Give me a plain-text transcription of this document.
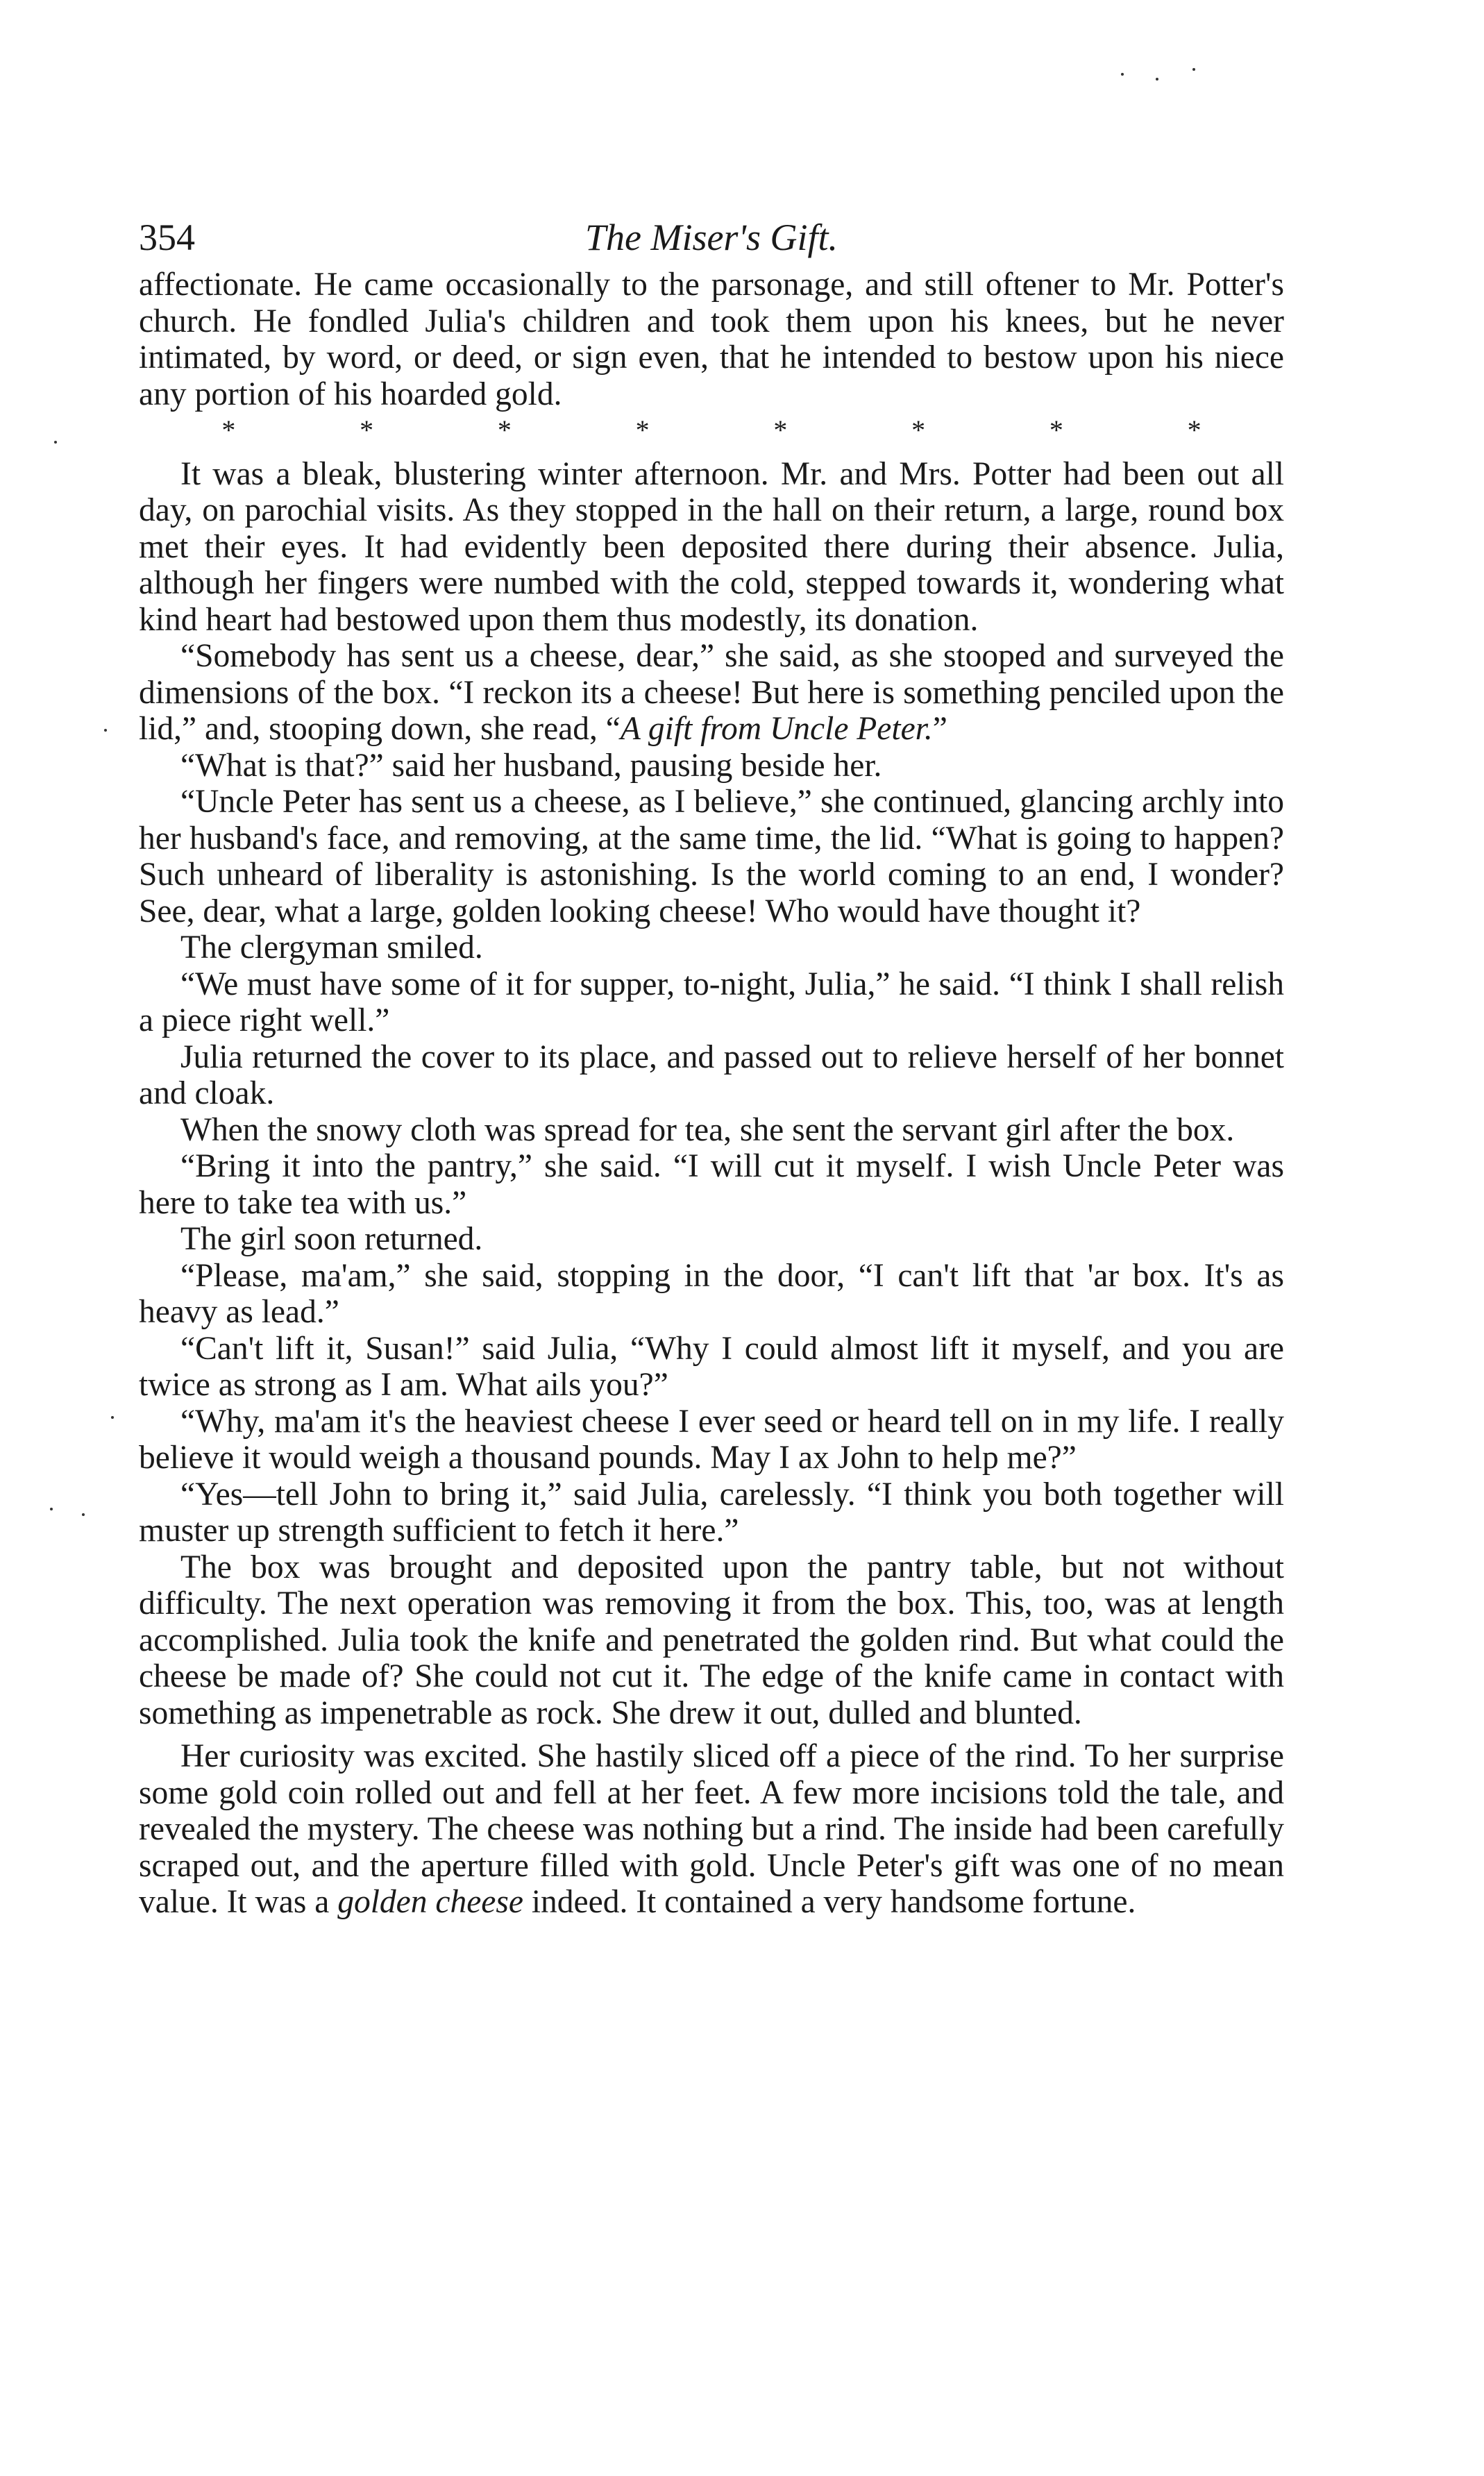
354	The Miser's Gift.

affectionate. He came occasionally to the parsonage, and still oftener to Mr. Potter's church. He fondled Julia's children and took them upon his knees, but he never intimated, by word, or deed, or sign even, that he intended to bestow upon his niece any portion of his hoarded gold.

*	*	*	*	*	*	*	*

It was a bleak, blustering winter afternoon. Mr. and Mrs. Potter had been out all day, on parochial visits. As they stopped in the hall on their return, a large, round box met their eyes. It had evidently been deposited there during their absence. Julia, although her fingers were numbed with the cold, stepped towards it, wondering what kind heart had bestowed upon them thus modestly, its donation.

“Somebody has sent us a cheese, dear,” she said, as she stooped and surveyed the dimensions of the box. “I reckon its a cheese! But here is something penciled upon the lid,” and, stooping down, she read, “A gift from Uncle Peter.”

“What is that?” said her husband, pausing beside her.

“Uncle Peter has sent us a cheese, as I believe,” she continued, glancing archly into her husband's face, and removing, at the same time, the lid. “What is going to happen? Such unheard of liberality is astonishing. Is the world coming to an end, I wonder? See, dear, what a large, golden looking cheese! Who would have thought it?

The clergyman smiled.

“We must have some of it for supper, to-night, Julia,” he said. “I think I shall relish a piece right well.”

Julia returned the cover to its place, and passed out to relieve herself of her bonnet and cloak.

When the snowy cloth was spread for tea, she sent the servant girl after the box.

“Bring it into the pantry,” she said. “I will cut it myself. I wish Uncle Peter was here to take tea with us.”

The girl soon returned.

“Please, ma'am,” she said, stopping in the door, “I can't lift that 'ar box. It's as heavy as lead.”

“Can't lift it, Susan!” said Julia, “Why I could almost lift it myself, and you are twice as strong as I am. What ails you?”

“Why, ma'am it's the heaviest cheese I ever seed or heard tell on in my life. I really believe it would weigh a thousand pounds. May I ax John to help me?”

“Yes—tell John to bring it,” said Julia, carelessly. “I think you both together will muster up strength sufficient to fetch it here.”

The box was brought and deposited upon the pantry table, but not without difficulty. The next operation was removing it from the box. This, too, was at length accomplished. Julia took the knife and penetrated the golden rind. But what could the cheese be made of? She could not cut it. The edge of the knife came in contact with something as impenetrable as rock. She drew it out, dulled and blunted.

Her curiosity was excited. She hastily sliced off a piece of the rind. To her surprise some gold coin rolled out and fell at her feet. A few more incisions told the tale, and revealed the mystery. The cheese was nothing but a rind. The inside had been carefully scraped out, and the aperture filled with gold. Uncle Peter's gift was one of no mean value. It was a golden cheese indeed. It contained a very handsome fortune.
